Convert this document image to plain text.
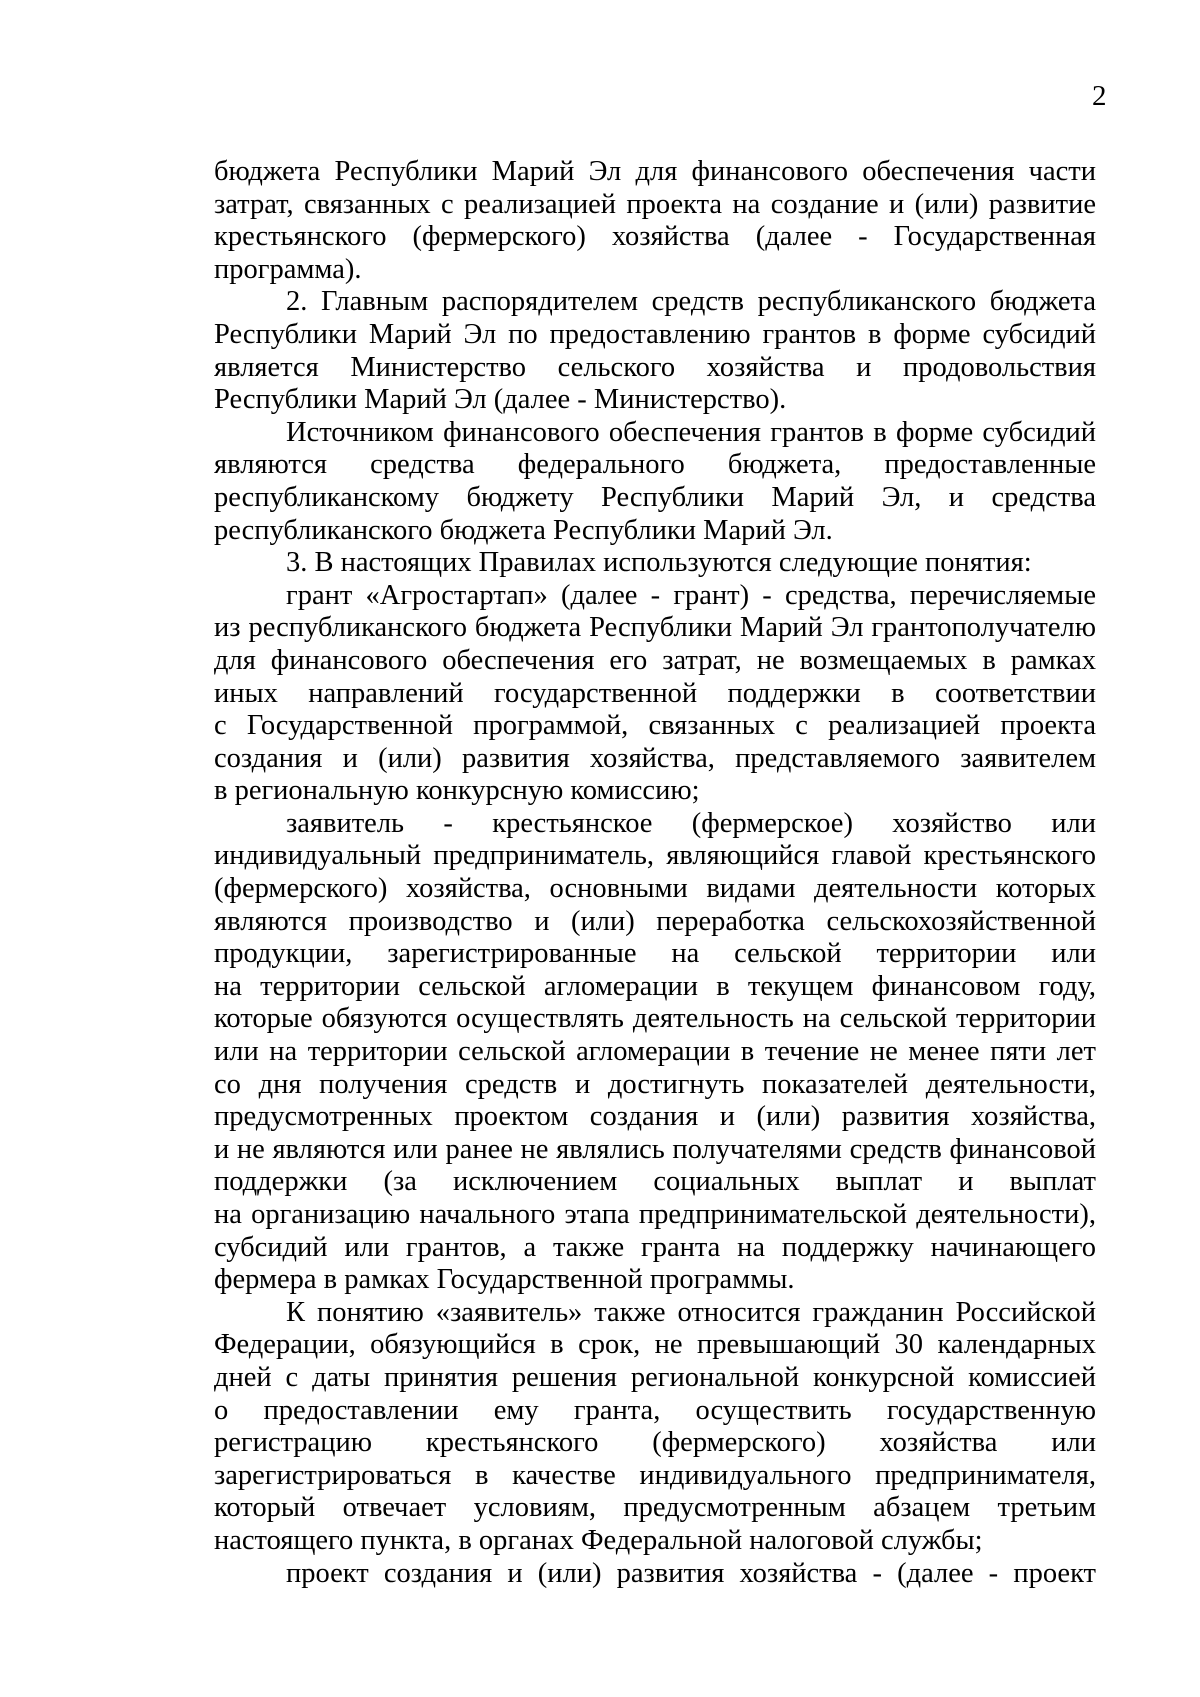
2
бюджета Республики Марий Эл для финансового обеспечения части
затрат, связанных с реализацией проекта на создание и (или) развитие
крестьянского (фермерского) хозяйства (далее - Государственная
программа).
2. Главным распорядителем средств республиканского бюджета
Республики Марий Эл по предоставлению грантов в форме субсидий
является Министерство сельского хозяйства и продовольствия
Республики Марий Эл (далее - Министерство).
Источником финансового обеспечения грантов в форме субсидий
являются средства федерального бюджета, предоставленные
республиканскому бюджету Республики Марий Эл, и средства
республиканского бюджета Республики Марий Эл.
3. В настоящих Правилах используются следующие понятия:
грант «Агростартап» (далее - грант) - средства, перечисляемые
из республиканского бюджета Республики Марий Эл грантополучателю
для финансового обеспечения его затрат, не возмещаемых в рамках
иных направлений государственной поддержки в соответствии
с Государственной программой, связанных с реализацией проекта
создания и (или) развития хозяйства, представляемого заявителем
в региональную конкурсную комиссию;
заявитель - крестьянское (фермерское) хозяйство или
индивидуальный предприниматель, являющийся главой крестьянского
(фермерского) хозяйства, основными видами деятельности которых
являются производство и (или) переработка сельскохозяйственной
продукции, зарегистрированные на сельской территории или
на территории сельской агломерации в текущем финансовом году,
которые обязуются осуществлять деятельность на сельской территории
или на территории сельской агломерации в течение не менее пяти лет
со дня получения средств и достигнуть показателей деятельности,
предусмотренных проектом создания и (или) развития хозяйства,
и не являются или ранее не являлись получателями средств финансовой
поддержки (за исключением социальных выплат и выплат
на организацию начального этапа предпринимательской деятельности),
субсидий или грантов, а также гранта на поддержку начинающего
фермера в рамках Государственной программы.
К понятию «заявитель» также относится гражданин Российской
Федерации, обязующийся в срок, не превышающий 30 календарных
дней с даты принятия решения региональной конкурсной комиссией
о предоставлении ему гранта, осуществить государственную
регистрацию крестьянского (фермерского) хозяйства или
зарегистрироваться в качестве индивидуального предпринимателя,
который отвечает условиям, предусмотренным абзацем третьим
настоящего пункта, в органах Федеральной налоговой службы;
проект создания и (или) развития хозяйства - (далее - проект
